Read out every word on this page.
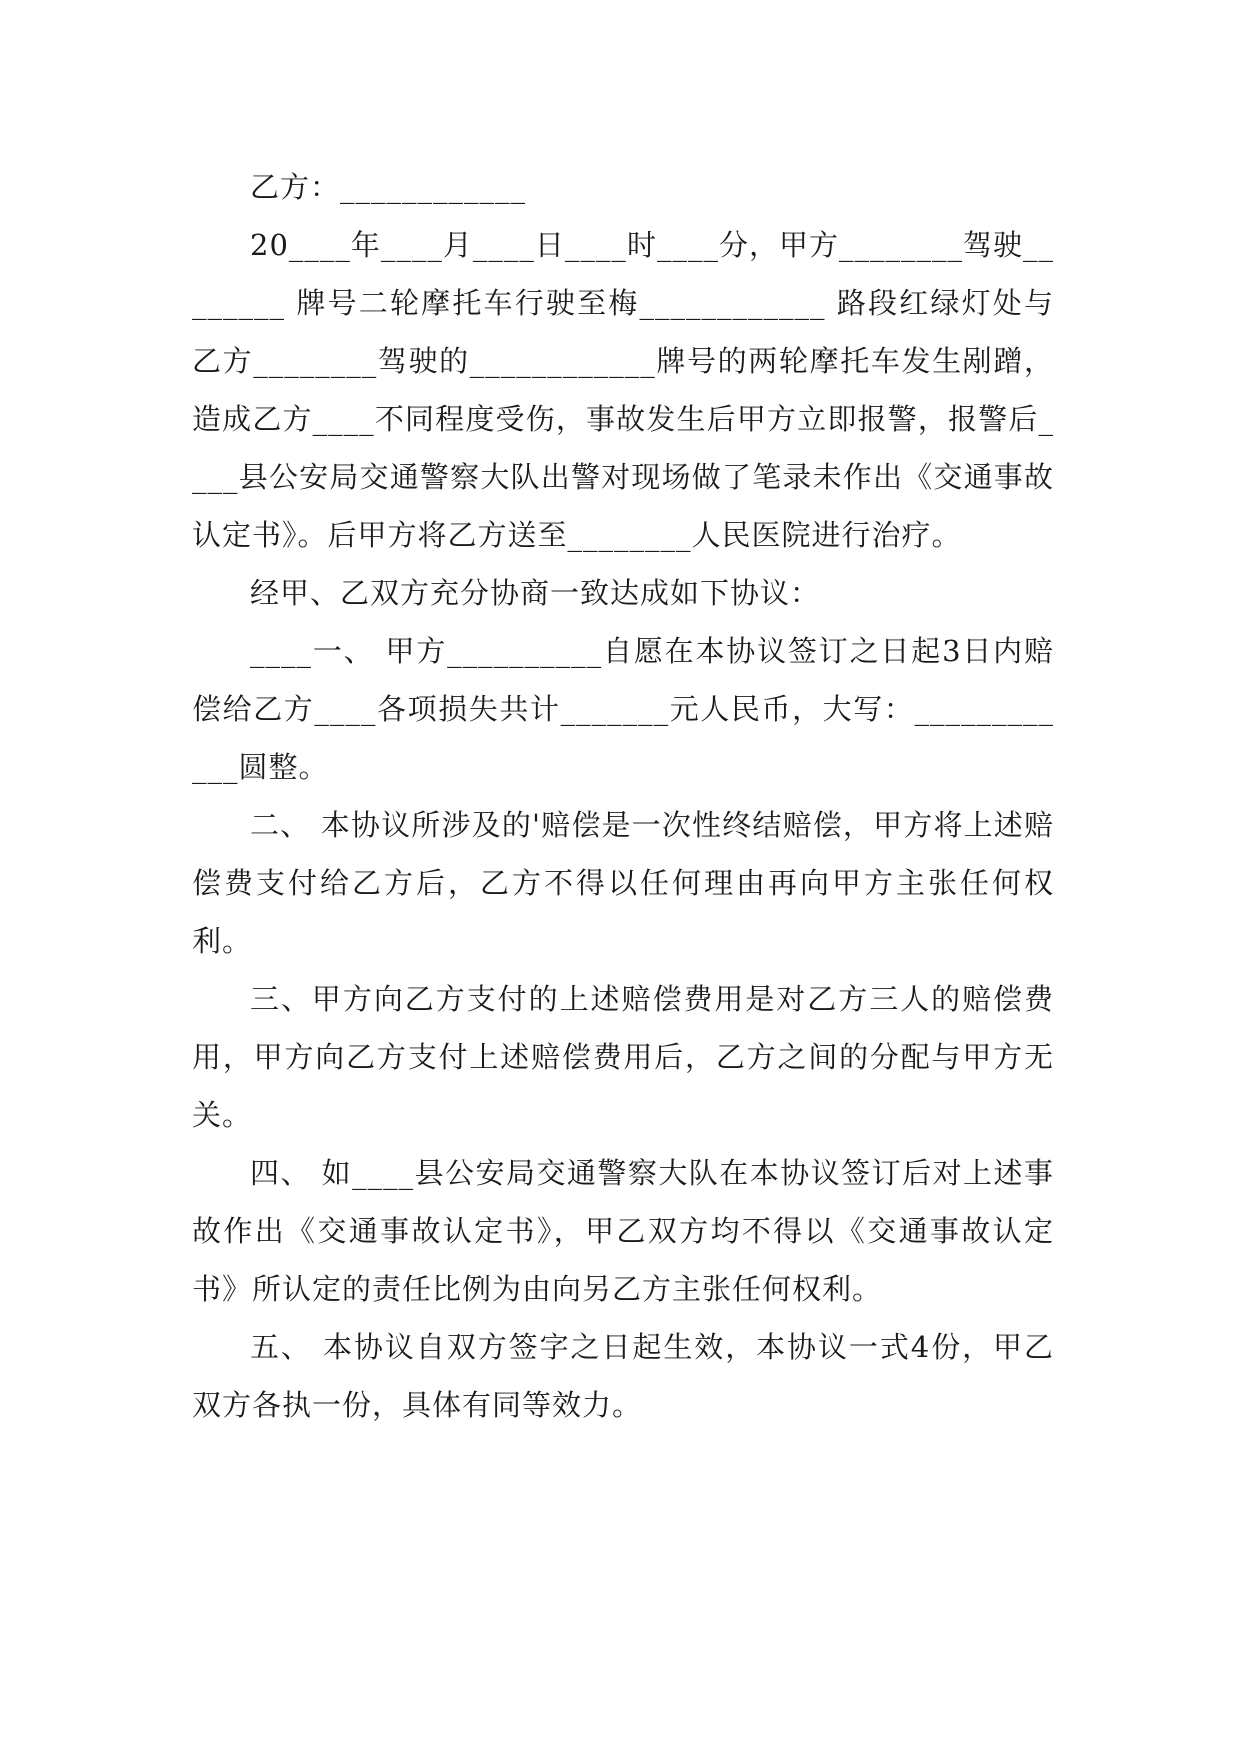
乙方：____________

20____年____月____日____时____分，甲方________驾驶________ 牌号二轮摩托车行驶至梅____________ 路段红绿灯处与乙方________驾驶的____________牌号的两轮摩托车发生剐蹭，造成乙方____不同程度受伤，事故发生后甲方立即报警，报警后____县公安局交通警察大队出警对现场做了笔录未作出《交通事故认定书》。后甲方将乙方送至________人民医院进行治疗。

经甲、乙双方充分协商一致达成如下协议：

____一、 甲方__________自愿在本协议签订之日起3日内赔偿给乙方____各项损失共计_______元人民币，大写：____________圆整。

二、 本协议所涉及的'赔偿是一次性终结赔偿，甲方将上述赔偿费支付给乙方后，乙方不得以任何理由再向甲方主张任何权利。

三、甲方向乙方支付的上述赔偿费用是对乙方三人的赔偿费用，甲方向乙方支付上述赔偿费用后，乙方之间的分配与甲方无关。

四、 如____县公安局交通警察大队在本协议签订后对上述事故作出《交通事故认定书》，甲乙双方均不得以《交通事故认定书》所认定的责任比例为由向另乙方主张任何权利。

五、 本协议自双方签字之日起生效，本协议一式4份，甲乙双方各执一份，具体有同等效力。
